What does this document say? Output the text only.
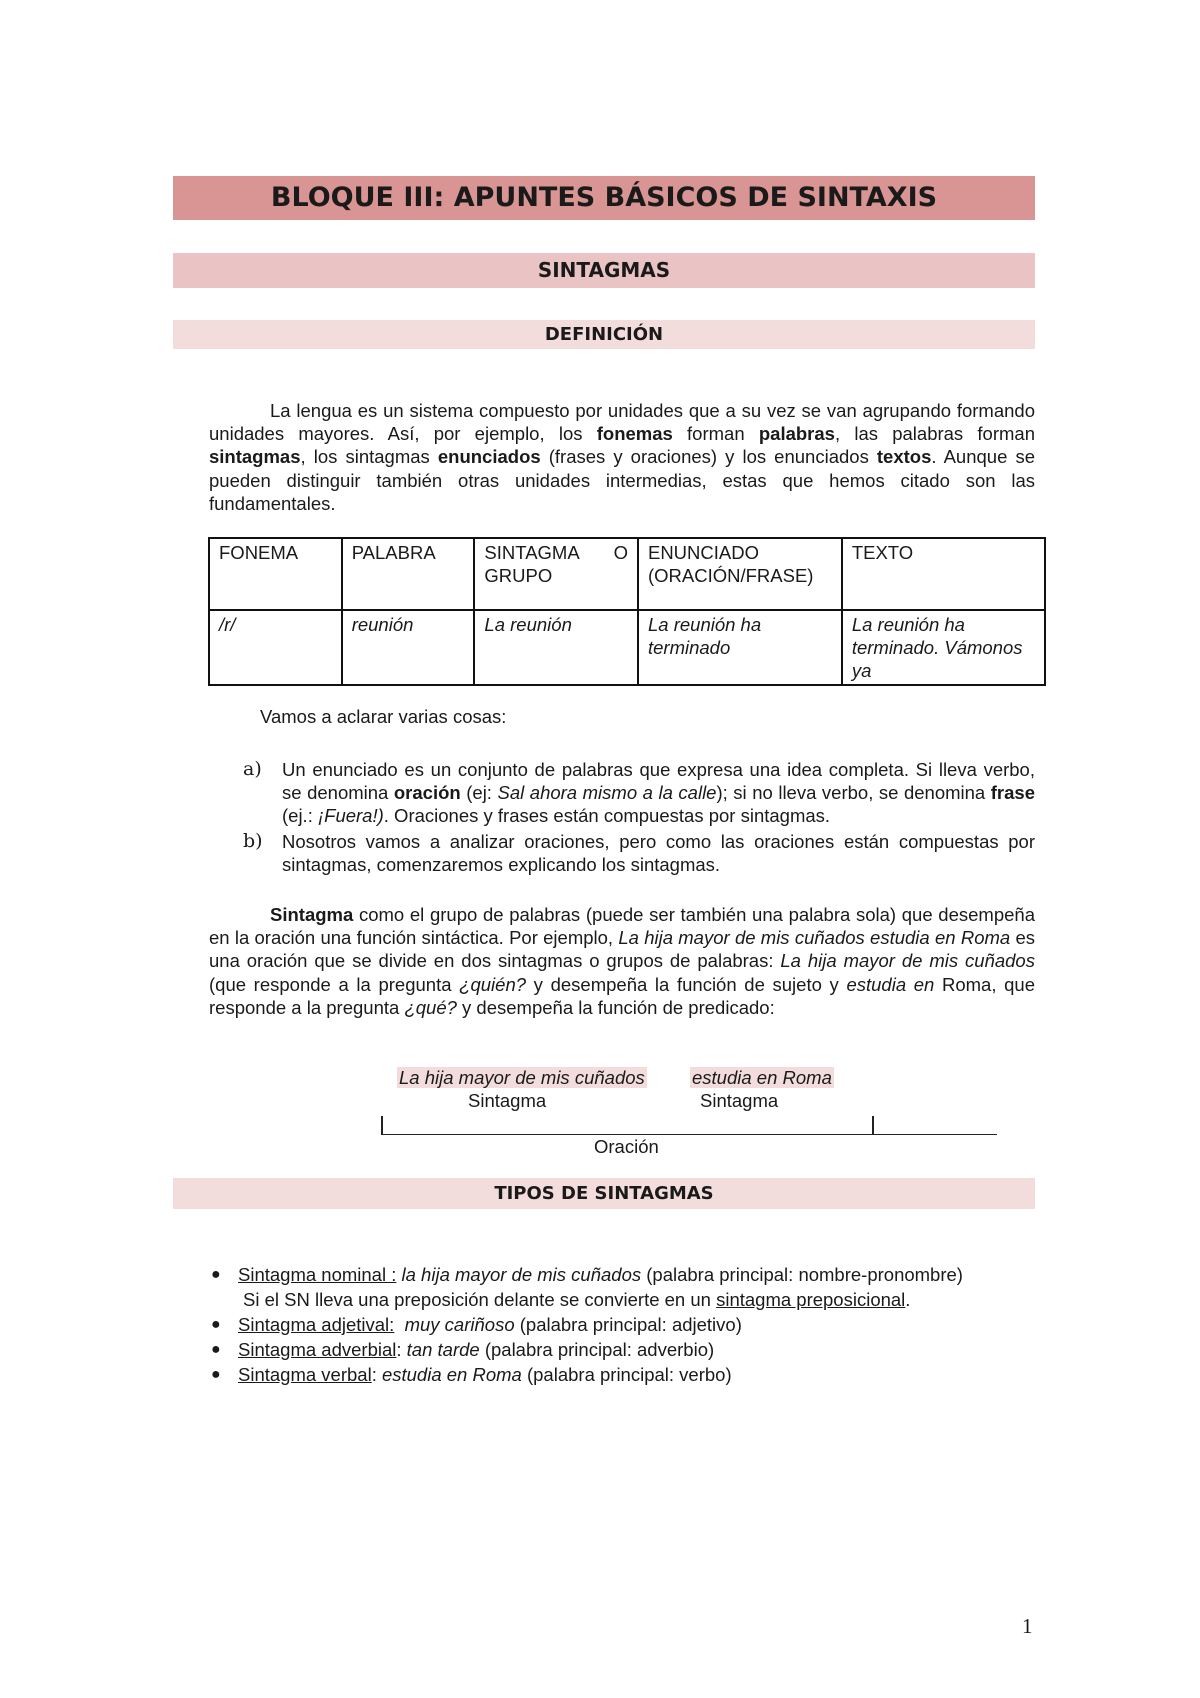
BLOQUE III: APUNTES BÁSICOS DE SINTAXIS
SINTAGMAS
DEFINICIÓN
La lengua es un sistema compuesto por unidades que a su vez se van agrupando formando unidades mayores. Así, por ejemplo, los fonemas forman palabras, las palabras forman sintagmas, los sintagmas enunciados (frases y oraciones) y los enunciados textos. Aunque se pueden distinguir también otras unidades intermedias, estas que hemos citado son las fundamentales.
FONEMA	PALABRA	SINTAGMA O GRUPO	ENUNCIADO (ORACIÓN/FRASE)	TEXTO
/r/	reunión	La reunión	La reunión ha terminado	La reunión ha terminado. Vámonos ya
Vamos a aclarar varias cosas:
a) Un enunciado es un conjunto de palabras que expresa una idea completa. Si lleva verbo, se denomina oración (ej: Sal ahora mismo a la calle); si no lleva verbo, se denomina frase (ej.: ¡Fuera!). Oraciones y frases están compuestas por sintagmas.
b) Nosotros vamos a analizar oraciones, pero como las oraciones están compuestas por sintagmas, comenzaremos explicando los sintagmas.
Sintagma como el grupo de palabras (puede ser también una palabra sola) que desempeña en la oración una función sintáctica. Por ejemplo, La hija mayor de mis cuñados estudia en Roma es una oración que se divide en dos sintagmas o grupos de palabras: La hija mayor de mis cuñados (que responde a la pregunta ¿quién? y desempeña la función de sujeto y estudia en Roma, que responde a la pregunta ¿qué? y desempeña la función de predicado:
La hija mayor de mis cuñados	estudia en Roma
Sintagma	Sintagma
Oración
TIPOS DE SINTAGMAS
● Sintagma nominal : la hija mayor de mis cuñados (palabra principal: nombre-pronombre)
Si el SN lleva una preposición delante se convierte en un sintagma preposicional.
● Sintagma adjetival: muy cariñoso (palabra principal: adjetivo)
● Sintagma adverbial: tan tarde (palabra principal: adverbio)
● Sintagma verbal: estudia en Roma (palabra principal: verbo)
1
